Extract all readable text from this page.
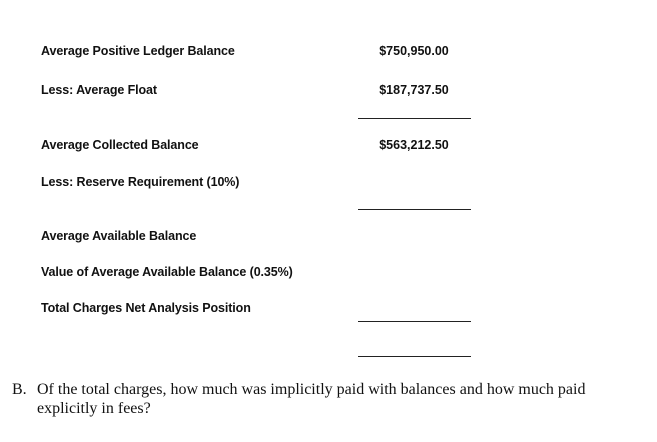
Average Positive Ledger Balance	$750,950.00
Less: Average Float	$187,737.50
Average Collected Balance	$563,212.50
Less: Reserve Requirement (10%)
Average Available Balance
Value of Average Available Balance (0.35%)
Total Charges Net Analysis Position
B. Of the total charges, how much was implicitly paid with balances and how much paid explicitly in fees?
